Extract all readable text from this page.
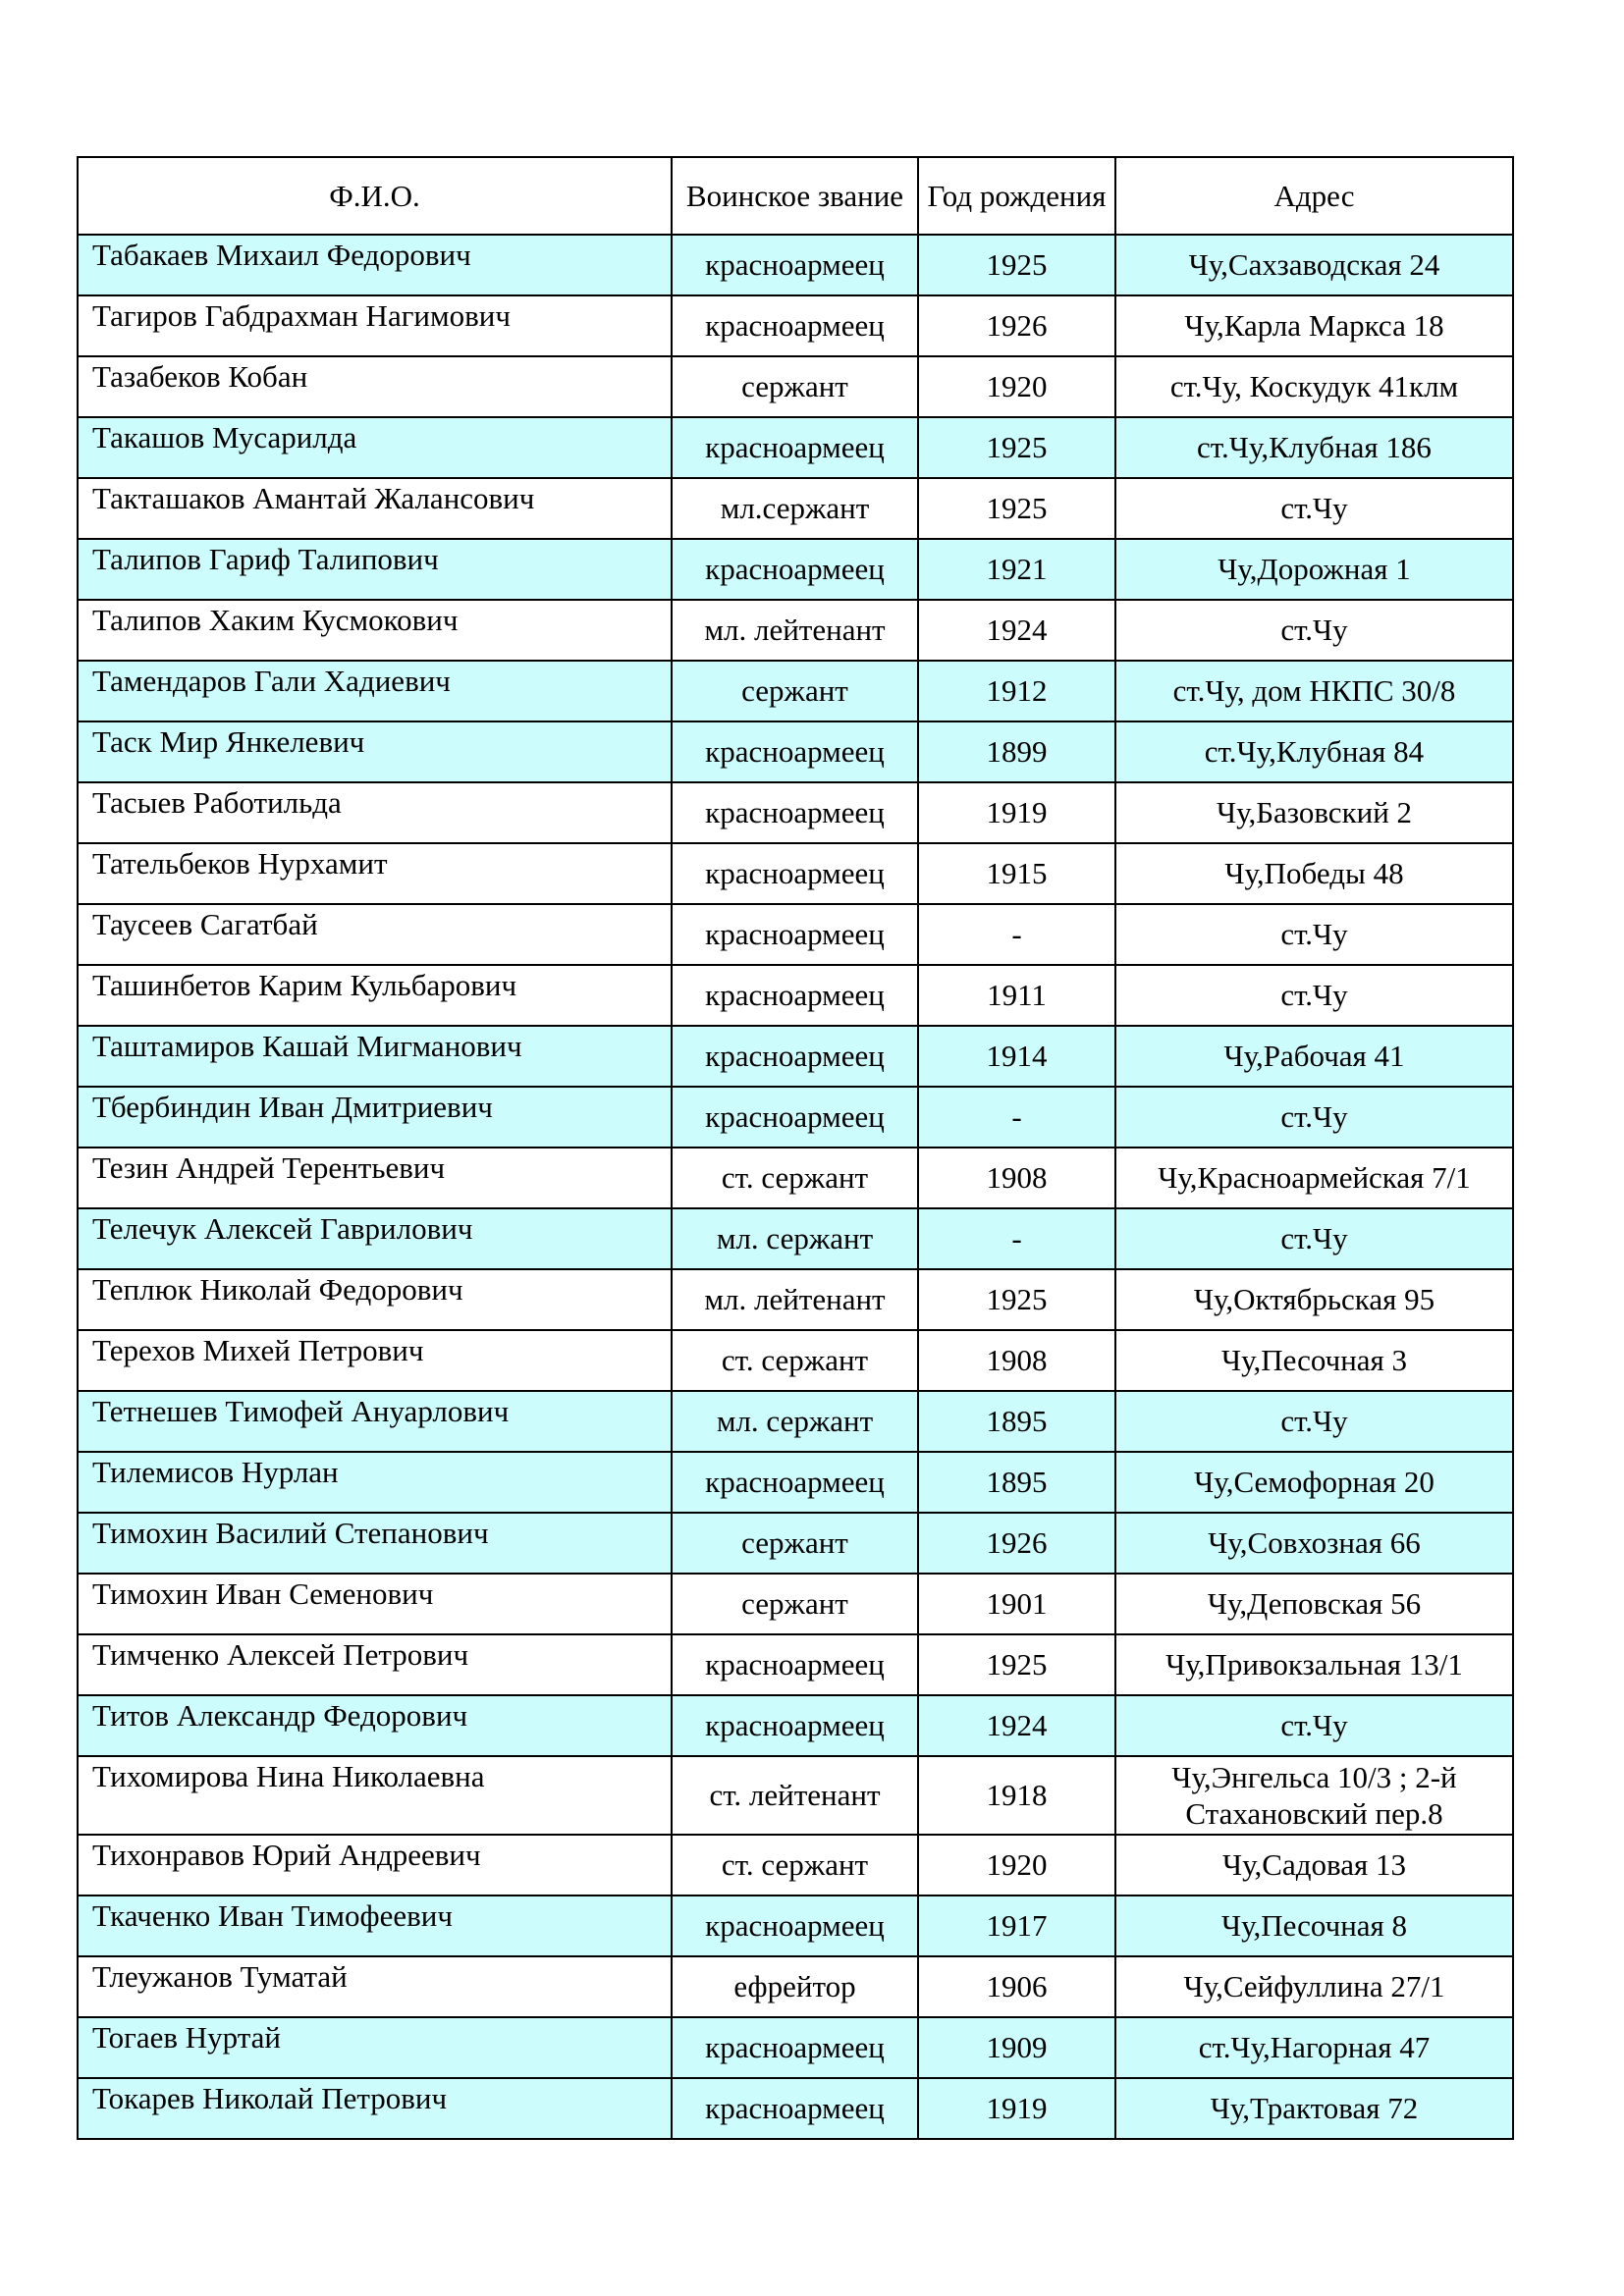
Ф.И.О.	Воинское звание	Год рождения	Адрес
Табакаев Михаил Федорович	красноармеец	1925	Чу,Сахзаводская 24
Тагиров Габдрахман Нагимович	красноармеец	1926	Чу,Карла Маркса 18
Тазабеков Кобан	сержант	1920	ст.Чу, Коскудук 41клм
Такашов Мусарилда	красноармеец	1925	ст.Чу,Клубная 186
Такташаков Амантай Жалансович	мл.сержант	1925	ст.Чу
Талипов Гариф Талипович	красноармеец	1921	Чу,Дорожная 1
Талипов Хаким Кусмокович	мл. лейтенант	1924	ст.Чу
Тамендаров Гали Хадиевич	сержант	1912	ст.Чу, дом НКПС 30/8
Таск Мир Янкелевич	красноармеец	1899	ст.Чу,Клубная 84
Тасыев Работильда	красноармеец	1919	Чу,Базовский 2
Тательбеков Нурхамит	красноармеец	1915	Чу,Победы 48
Таусеев Сагатбай	красноармеец	-	ст.Чу
Ташинбетов Карим Кульбарович	красноармеец	1911	ст.Чу
Таштамиров Кашай Мигманович	красноармеец	1914	Чу,Рабочая 41
Тбербиндин Иван Дмитриевич	красноармеец	-	ст.Чу
Тезин Андрей Терентьевич	ст. сержант	1908	Чу,Красноармейская 7/1
Телечук Алексей Гаврилович	мл. сержант	-	ст.Чу
Теплюк Николай Федорович	мл. лейтенант	1925	Чу,Октябрьская 95
Терехов Михей Петрович	ст. сержант	1908	Чу,Песочная 3
Тетнешев Тимофей Ануарлович	мл. сержант	1895	ст.Чу
Тилемисов Нурлан	красноармеец	1895	Чу,Семофорная 20
Тимохин Василий Степанович	сержант	1926	Чу,Совхозная 66
Тимохин Иван Семенович	сержант	1901	Чу,Деповская 56
Тимченко Алексей Петрович	красноармеец	1925	Чу,Привокзальная 13/1
Титов Александр Федорович	красноармеец	1924	ст.Чу
Тихомирова Нина Николаевна	ст. лейтенант	1918	Чу,Энгельса 10/3 ; 2-й Стахановский пер.8
Тихонравов Юрий Андреевич	ст. сержант	1920	Чу,Садовая 13
Ткаченко Иван Тимофеевич	красноармеец	1917	Чу,Песочная 8
Тлеужанов Туматай	ефрейтор	1906	Чу,Сейфуллина 27/1
Тогаев Нуртай	красноармеец	1909	ст.Чу,Нагорная 47
Токарев Николай Петрович	красноармеец	1919	Чу,Трактовая 72
